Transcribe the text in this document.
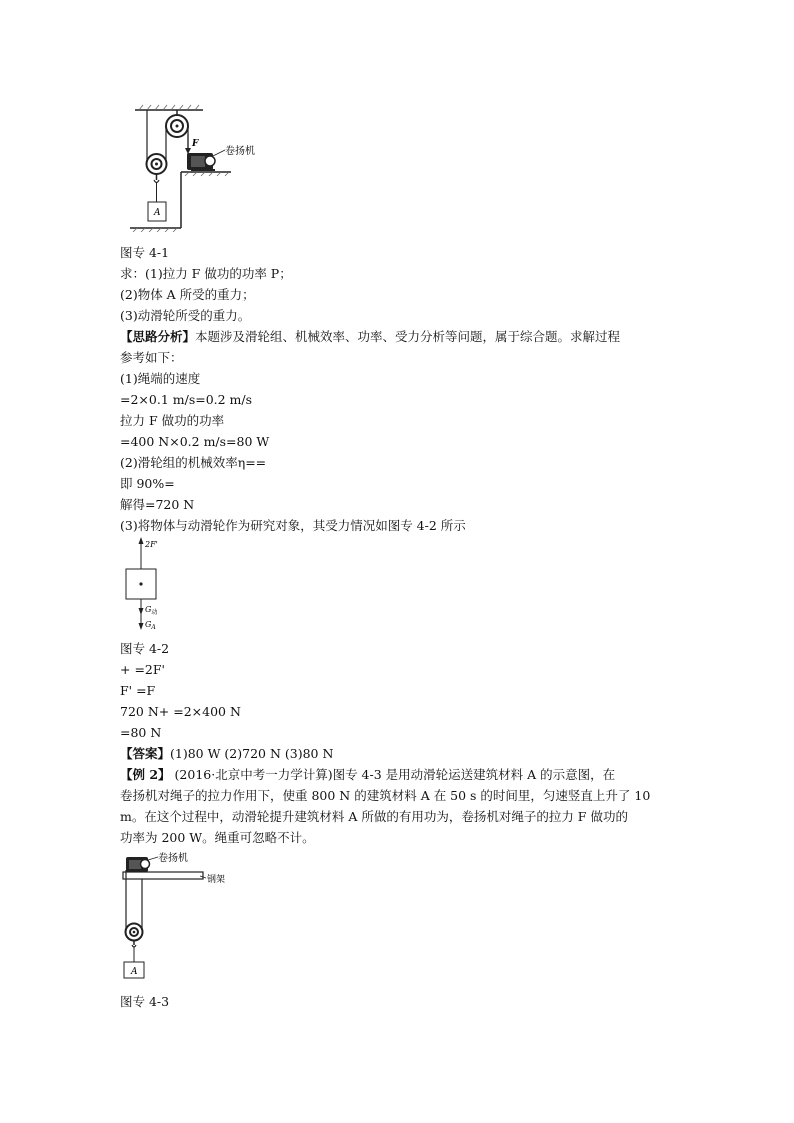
F
A
卷扬机
图专 4-1
求：(1)拉力 F 做功的功率 P；
(2)物体 A 所受的重力；
(3)动滑轮所受的重力。
【思路分析】本题涉及滑轮组、机械效率、功率、受力分析等问题，属于综合题。求解过程
参考如下：
(1)绳端的速度
=2×0.1 m/s=0.2 m/s
拉力 F 做功的功率
=400 N×0.2 m/s=80 W
(2)滑轮组的机械效率η==
即 90%=
解得=720 N
(3)将物体与动滑轮作为研究对象，其受力情况如图专 4-2 所示
2F'
$G_动$
$G_A$
图专 4-2
+ =2F'
F' =F
720 N+ =2×400 N
=80 N
【答案】(1)80 W (2)720 N (3)80 N
【例 2】 (2016·北京中考一力学计算)图专 4-3 是用动滑轮运送建筑材料 A 的示意图，在
卷扬机对绳子的拉力作用下，使重 800 N 的建筑材料 A 在 50 s 的时间里，匀速竖直上升了 10
m。在这个过程中，动滑轮提升建筑材料 A 所做的有用功为，卷扬机对绳子的拉力 F 做功的
功率为 200 W。绳重可忽略不计。
卷扬机
钢架
A
图专 4-3
